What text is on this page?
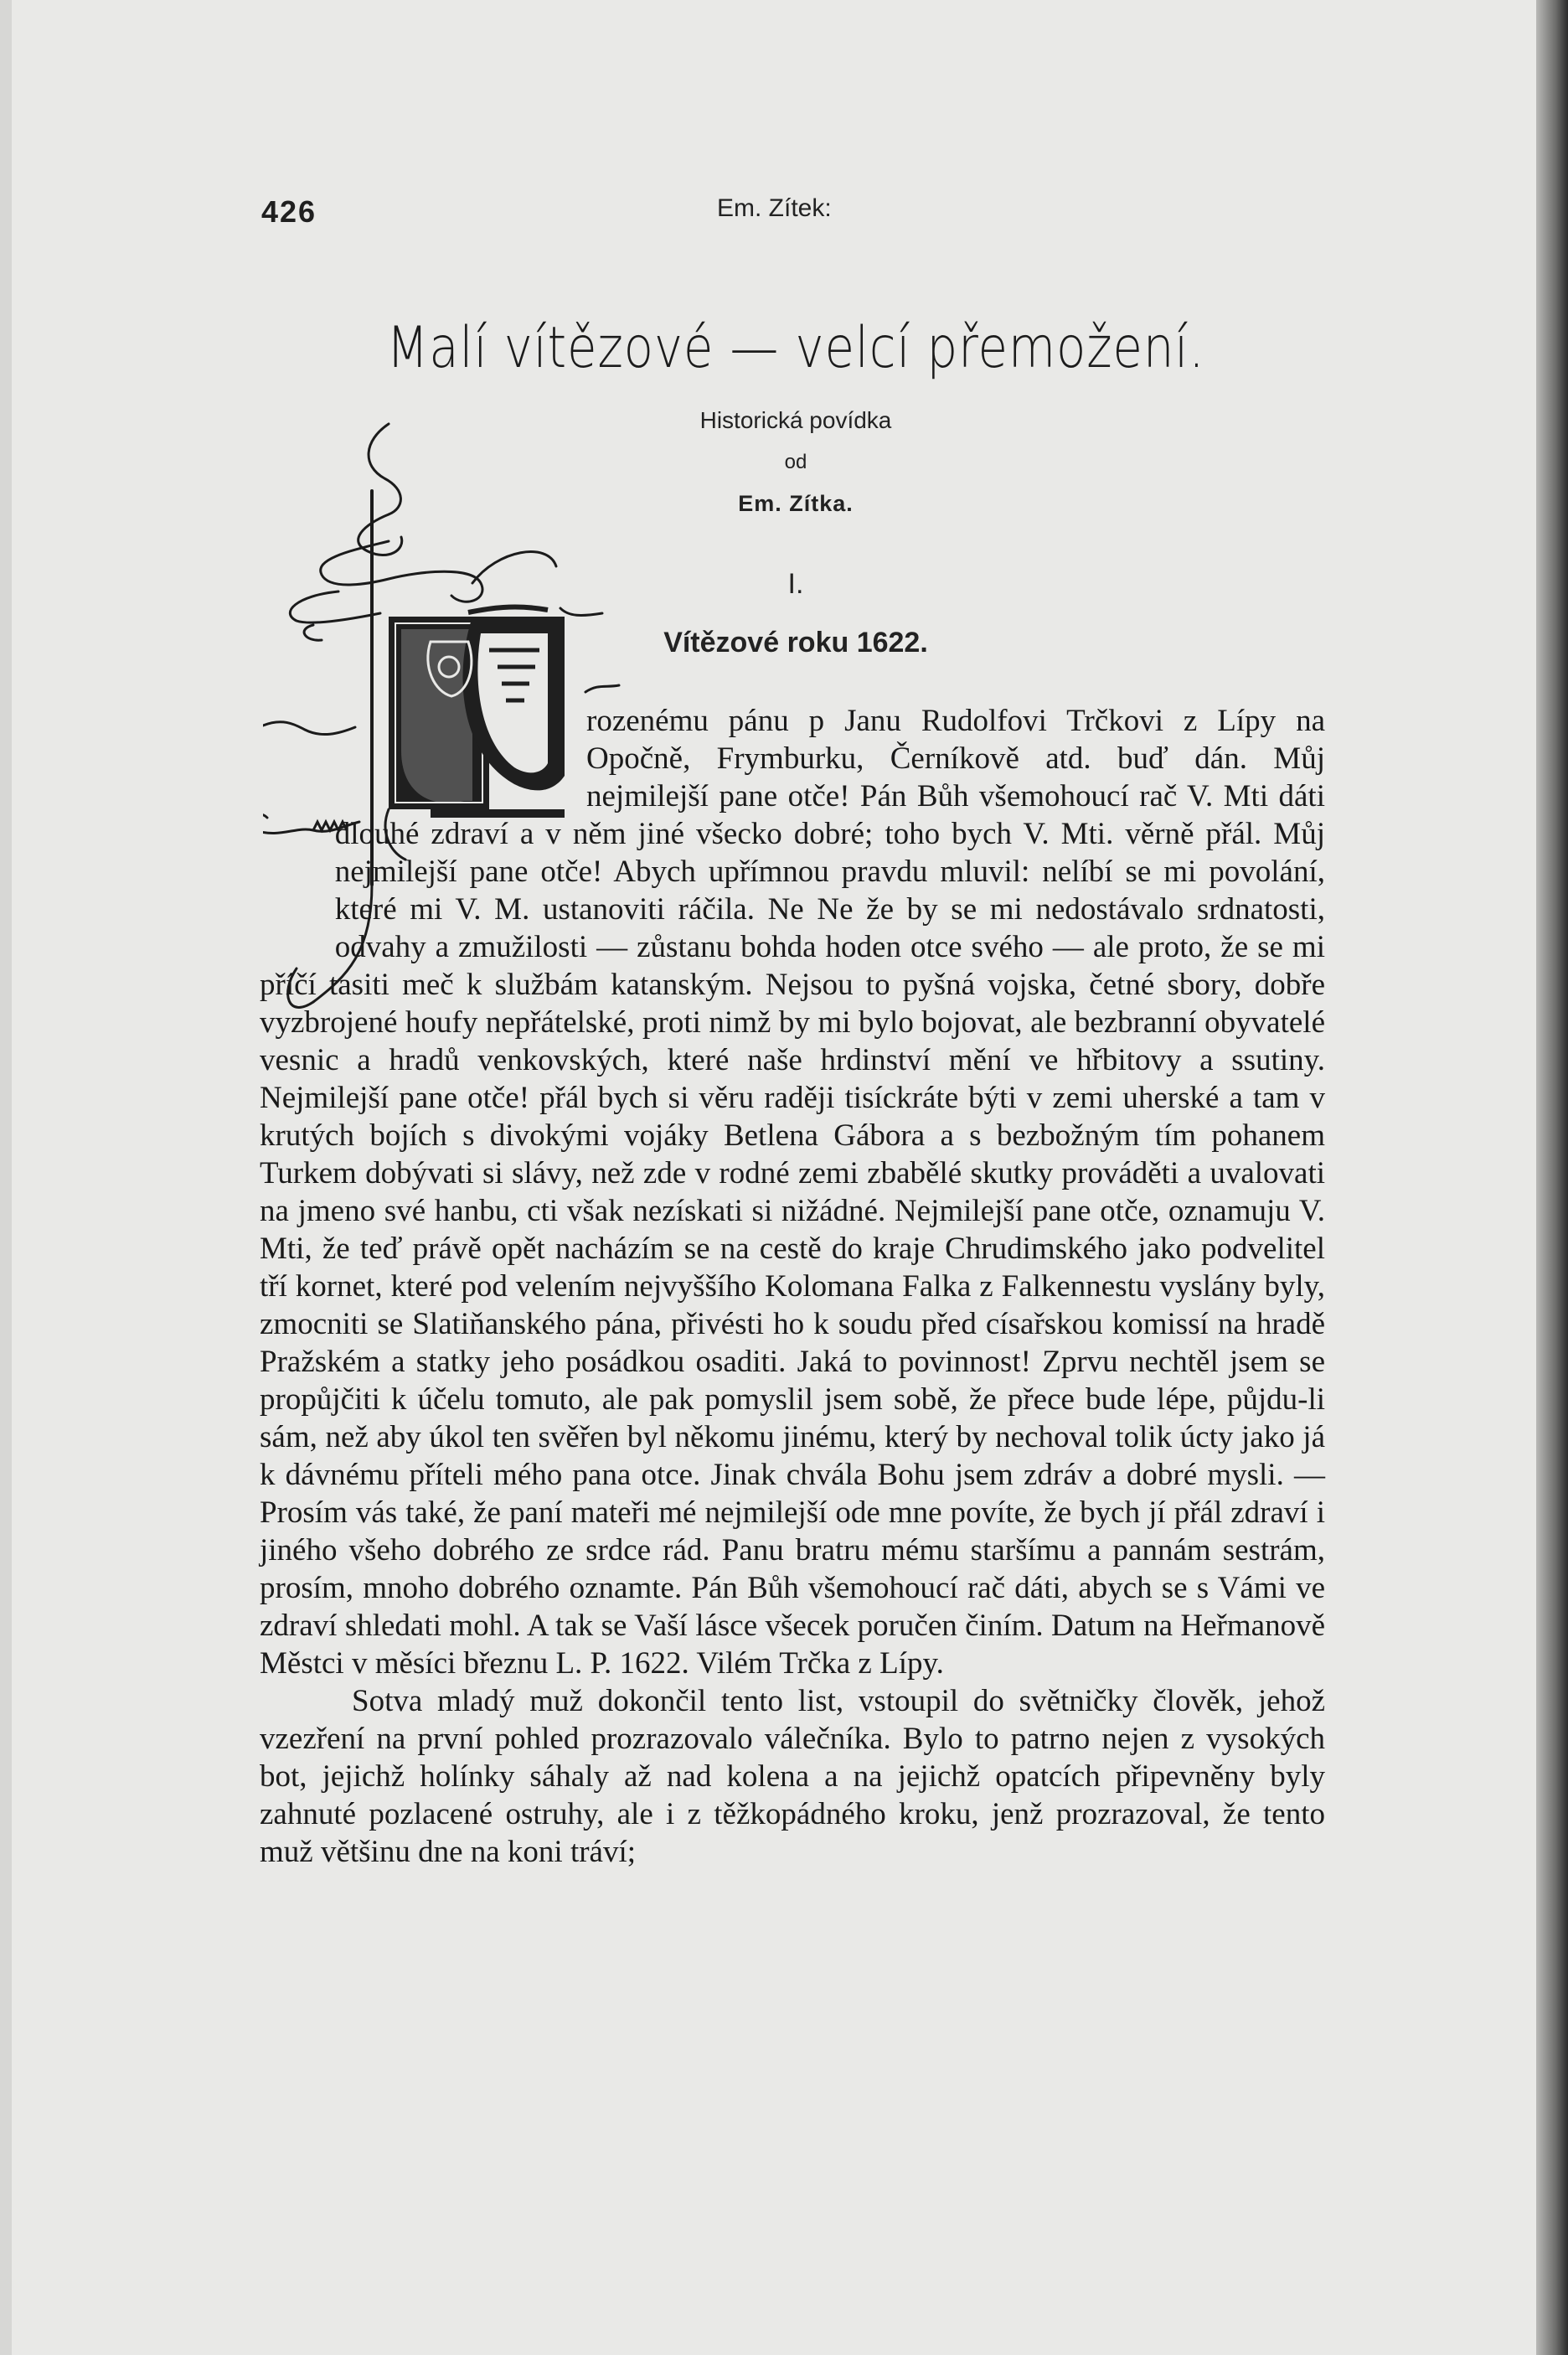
426	Em. Zítek:
Malí vítězové — velcí přemožení.
Historická povídka
od
Em. Zítka.
I.
Vítězové roku 1622.
U

rozenému pánu p Janu Rudolfovi Trčkovi z Lípy na Opočně, Frymburku, Černíkově atd. buď dán. Můj nejmilejší pane otče! Pán Bůh všemohoucí rač V. Mti dáti dlouhé zdraví a v něm jiné všecko dobré; toho bych V. Mti. věrně přál. Můj nejmilejší pane otče! Abych upřímnou pravdu mluvil: nelíbí se mi povolání, které mi V. M. ustanoviti ráčila. Ne Ne že by se mi nedostávalo srdnatosti, odvahy a zmužilosti — zůstanu bohda hoden otce svého — ale proto, že se mi příčí tasiti meč k službám katanským. Nejsou to pyšná vojska, četné sbory, dobře vyzbrojené houfy nepřátelské, proti nimž by mi bylo bojovat, ale bezbranní obyvatelé vesnic a hradů venkovských, které naše hrdinství mění ve hřbitovy a ssutiny. Nejmilejší pane otče! přál bych si věru raději tisíckráte býti v zemi uherské a tam v krutých bojích s divokými vojáky Betlena Gábora a s bezbožným tím pohanem Turkem dobývati si slávy, než zde v rodné zemi zbabělé skutky prováděti a uvalovati na jmeno své hanbu, cti však nezískati si nižádné. Nejmilejší pane otče, oznamuju V. Mti, že teď právě opět nacházím se na cestě do kraje Chrudimského jako podvelitel tří kornet, které pod velením nejvyššího Kolomana Falka z Falkennestu vyslány byly, zmocniti se Slatiňanského pána, přivésti ho k soudu před císařskou komissí na hradě Pražském a statky jeho posádkou osaditi. Jaká to povinnost! Zprvu nechtěl jsem se propůjčiti k účelu tomuto, ale pak pomyslil jsem sobě, že přece bude lépe, půjdu-li sám, než aby úkol ten svěřen byl někomu jinému, který by nechoval tolik úcty jako já k dávnému příteli mého pana otce. Jinak chvála Bohu jsem zdráv a dobré mysli. — Prosím vás také, že paní mateři mé nejmilejší ode mne povíte, že bych jí přál zdraví i jiného všeho dobrého ze srdce rád. Panu bratru mému staršímu a pannám sestrám, prosím, mnoho dobrého oznamte. Pán Bůh všemohoucí rač dáti, abych se s Vámi ve zdraví shledati mohl. A tak se Vaší lásce všecek poručen činím. Datum na Heřmanově Městci v měsíci březnu L. P. 1622. Vilém Trčka z Lípy.

Sotva mladý muž dokončil tento list, vstoupil do světničky člověk, jehož vzezření na první pohled prozrazovalo válečníka. Bylo to patrno nejen z vysokých bot, jejichž holínky sáhaly až nad kolena a na jejichž opatcích připevněny byly zahnuté pozlacené ostruhy, ale i z těžkopádného kroku, jenž prozrazoval, že tento muž většinu dne na koni tráví;
